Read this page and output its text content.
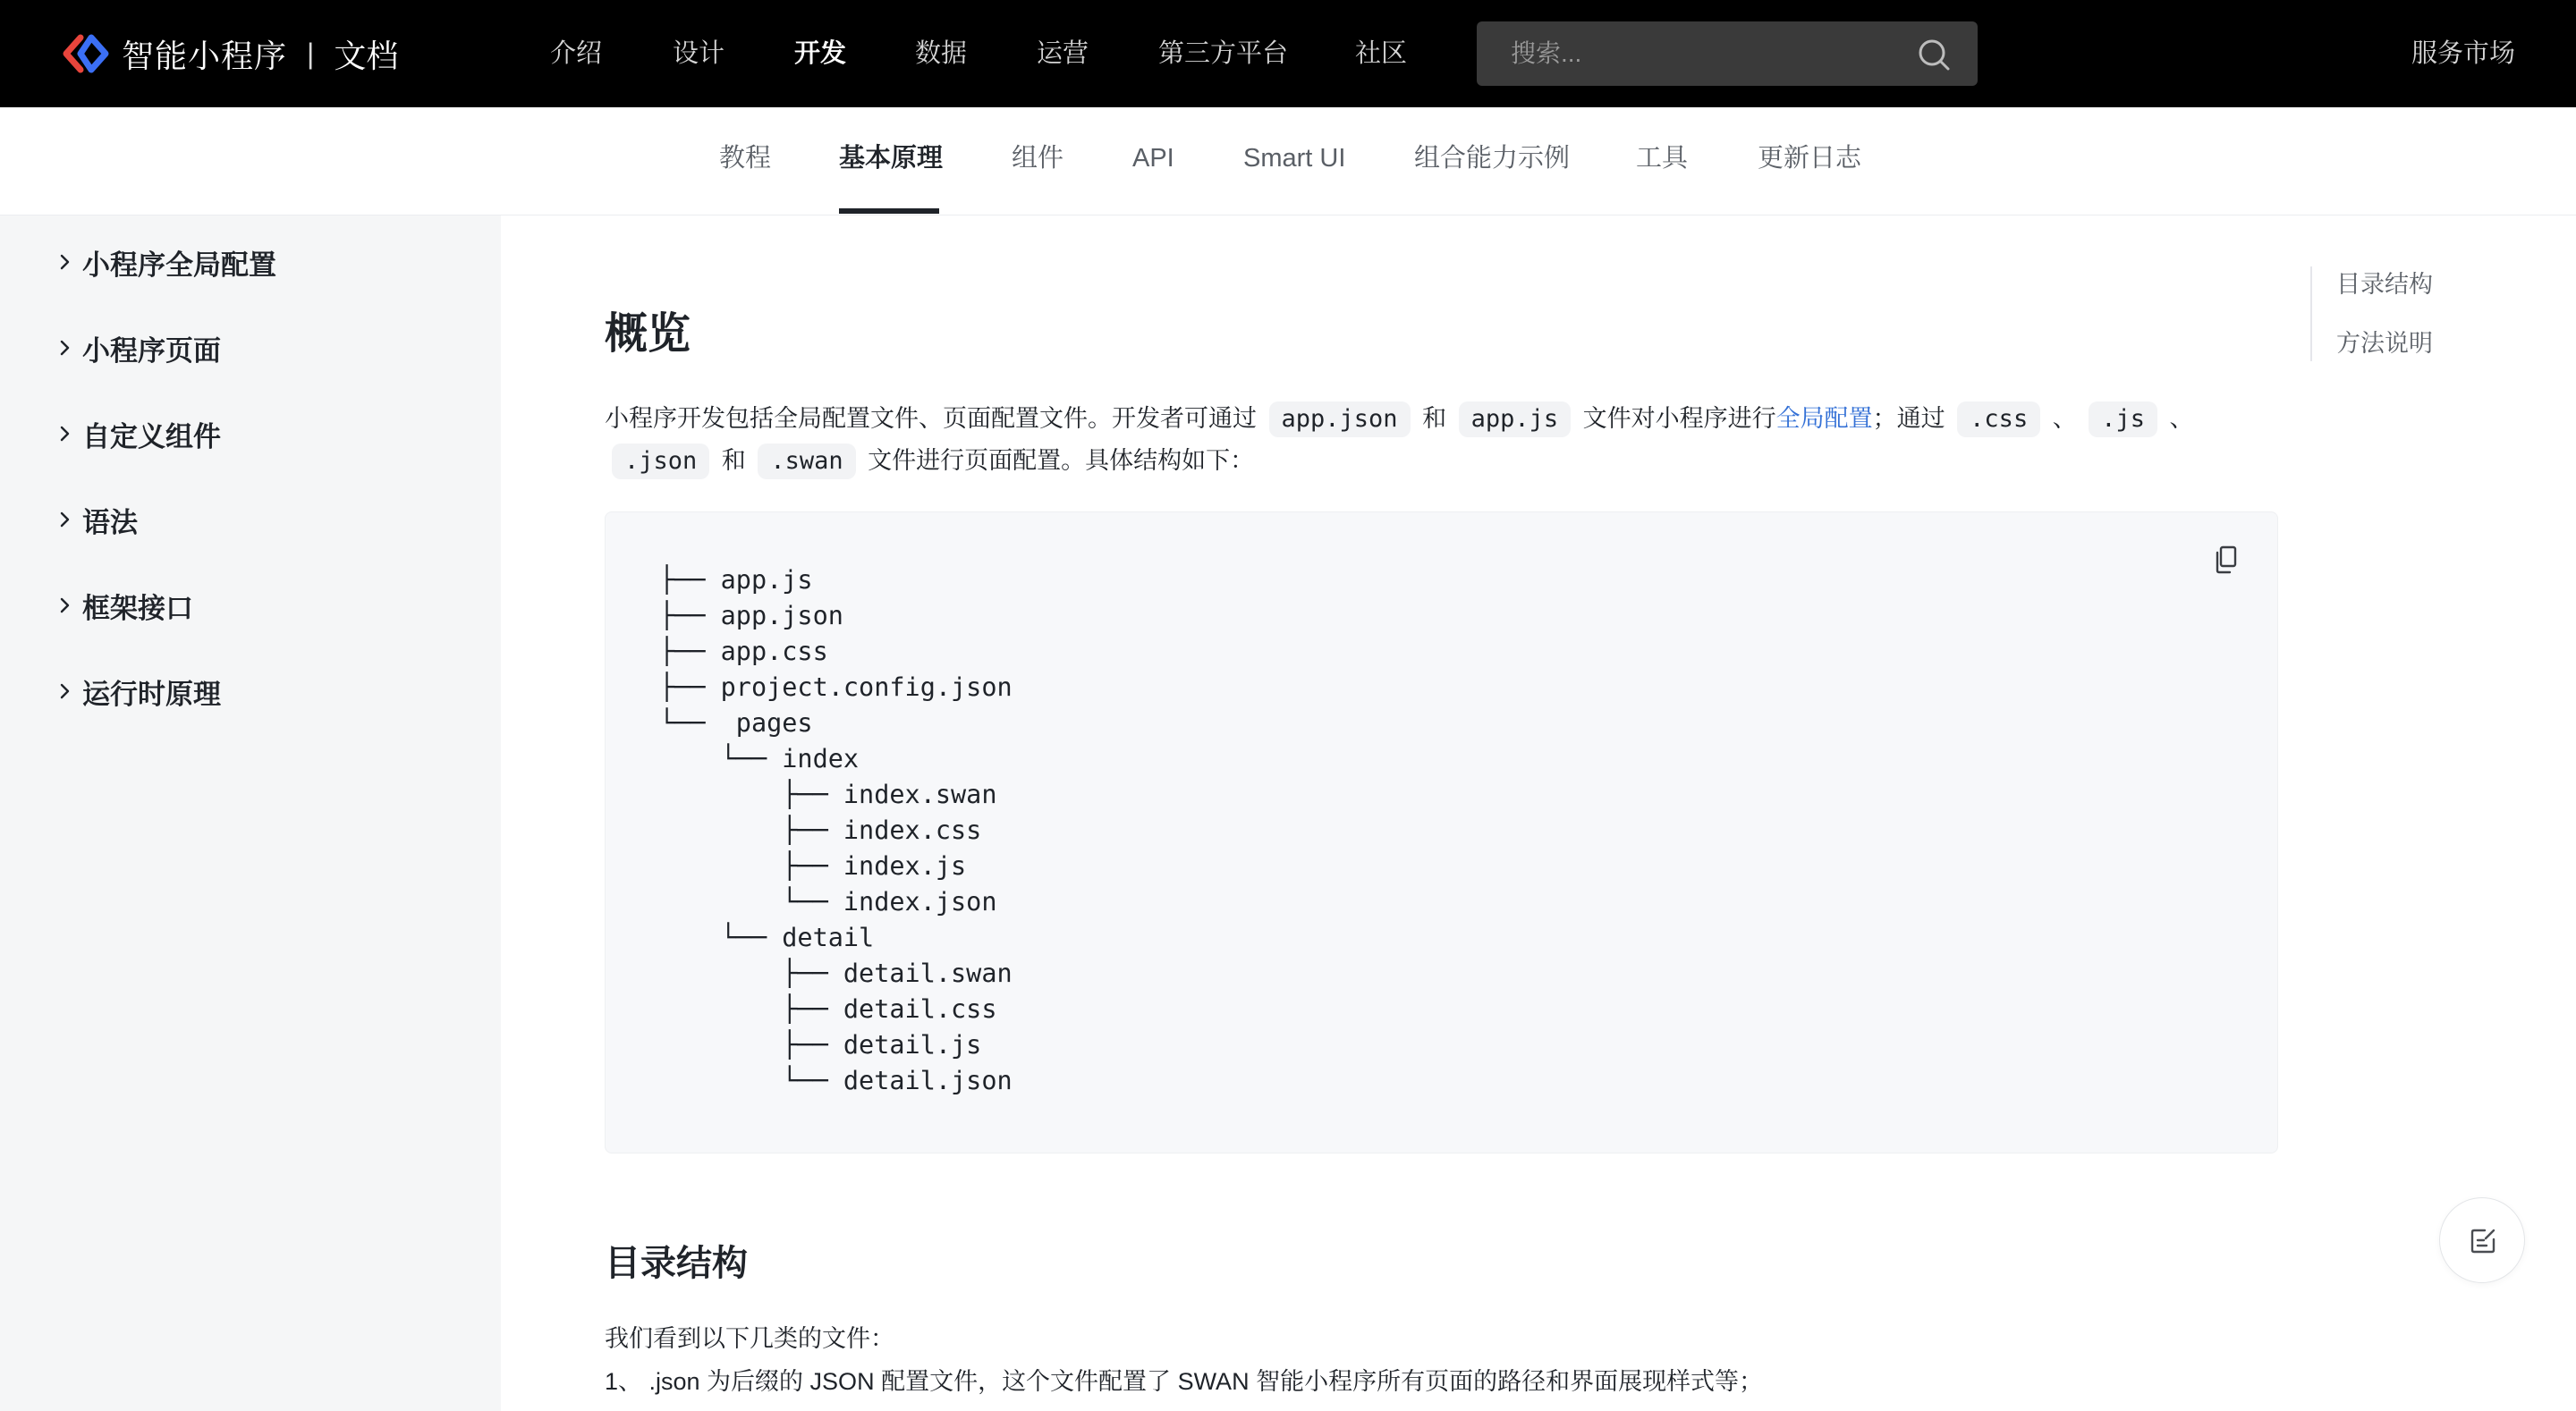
智能小程序 | 文档	介绍	设计	开发	数据	运营	第三方平台	社区
搜索...	服务市场
教程	基本原理	组件	API	Smart UI	组合能力示例	工具	更新日志
小程序全局配置
小程序页面
自定义组件
语法
框架接口
运行时原理
概览
小程序开发包括全局配置文件、页面配置文件。开发者可通过 app.json 和 app.js 文件对小程序进行全局配置；通过 .css 、 .js 、
.json 和 .swan 文件进行页面配置。具体结构如下：
├── app.js
├── app.json
├── app.css
├── project.config.json
└──  pages
└── index
├── index.swan
├── index.css
├── index.js
└── index.json
└── detail
├── detail.swan
├── detail.css
├── detail.js
└── detail.json
目录结构
我们看到以下几类的文件：
1、 .json 为后缀的 JSON 配置文件，这个文件配置了 SWAN 智能小程序所有页面的路径和界面展现样式等；
目录结构
方法说明
